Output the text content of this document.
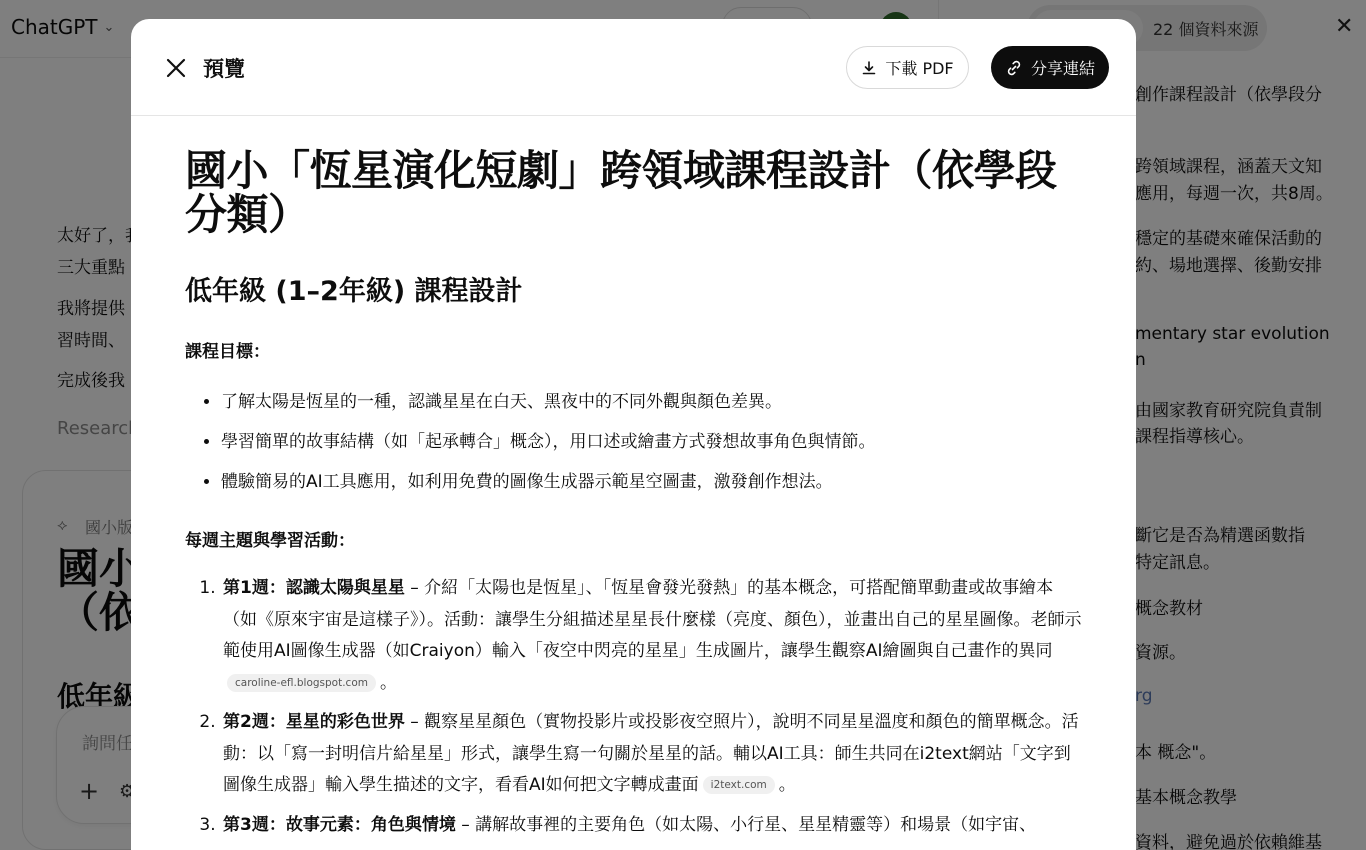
預覽	下載 PDF	分享連結
國小「恆星演化短劇」跨領域課程設計（依學段分類）
低年級 (1–2年級) 課程設計
課程目標：
• 了解太陽是恆星的一種，認識星星在白天、黑夜中的不同外觀與顏色差異。
• 學習簡單的故事結構（如「起承轉合」概念），用口述或繪畫方式發想故事角色與情節。
• 體驗簡易的AI工具應用，如利用免費的圖像生成器示範星空圖畫，激發創作想法。
每週主題與學習活動：
1. 第1週：認識太陽與星星 – 介紹「太陽也是恆星」、「恆星會發光發熱」的基本概念，可搭配簡單動畫或故事繪本（如《原來宇宙是這樣子》）。活動：讓學生分組描述星星長什麼樣（亮度、顏色），並畫出自己的星星圖像。老師示範使用AI圖像生成器（如Craiyon）輸入「夜空中閃亮的星星」生成圖片，讓學生觀察AI繪圖與自己畫作的異同caroline-efl.blogspot.com 。
2. 第2週：星星的彩色世界 – 觀察星星顏色（實物投影片或投影夜空照片），說明不同星星溫度和顏色的簡單概念。活動：以「寫一封明信片給星星」形式，讓學生寫一句關於星星的話。輔以AI工具：師生共同在i2text網站「文字到圖像生成器」輸入學生描述的文字，看看AI如何把文字轉成畫面 i2text.com 。
3. 第3週：故事元素：角色與情境 – 講解故事裡的主要角色（如太陽、小行星、星星精靈等）和場景（如宇宙、
